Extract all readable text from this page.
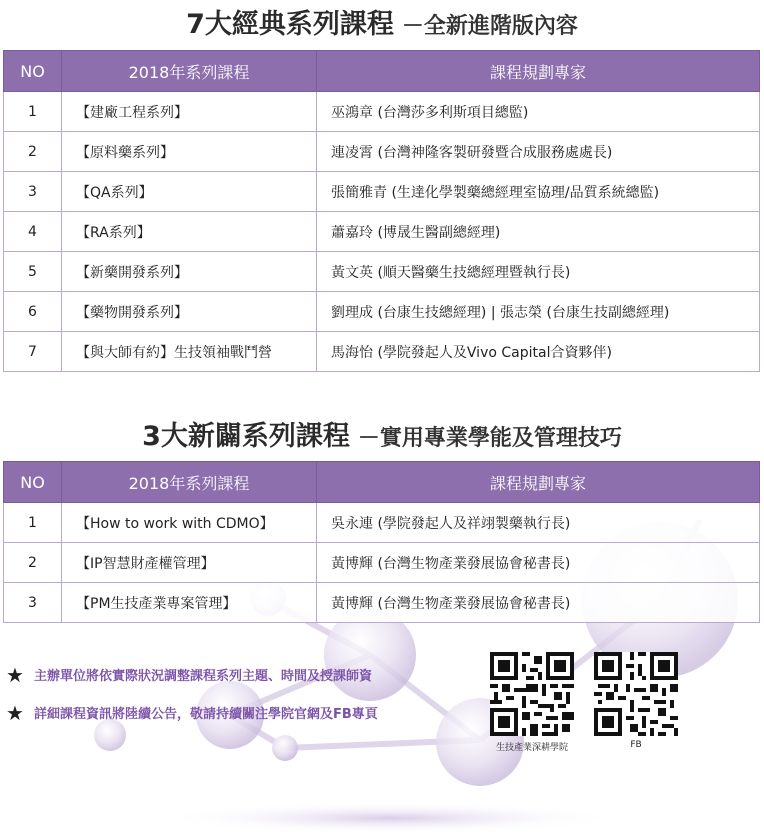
7大經典系列課程 －全新進階版內容
NO	2018年系列課程	課程規劃專家
1	【建廠工程系列】	巫鴻章 (台灣莎多利斯項目總監)
2	【原料藥系列】	連凌霄 (台灣神隆客製研發暨合成服務處處長)
3	【QA系列】	張簡雅青 (生達化學製藥總經理室協理/品質系統總監)
4	【RA系列】	蕭嘉玲 (博晟生醫副總經理)
5	【新藥開發系列】	黃文英 (順天醫藥生技總經理暨執行長)
6	【藥物開發系列】	劉理成 (台康生技總經理) | 張志榮 (台康生技副總經理)
7	【與大師有約】生技領袖戰鬥營	馬海怡 (學院發起人及Vivo Capital合資夥伴)
3大新闢系列課程 －實用專業學能及管理技巧
NO	2018年系列課程	課程規劃專家
1	【How to work with CDMO】	吳永連 (學院發起人及祥翊製藥執行長)
2	【IP智慧財產權管理】	黃博輝 (台灣生物產業發展協會秘書長)
3	【PM生技產業專案管理】	黃博輝 (台灣生物產業發展協會秘書長)
★ 主辦單位將依實際狀況調整課程系列主題、時間及授課師資
★ 詳細課程資訊將陸續公告，敬請持續關注學院官網及FB專頁
生技產業深耕學院	FB
